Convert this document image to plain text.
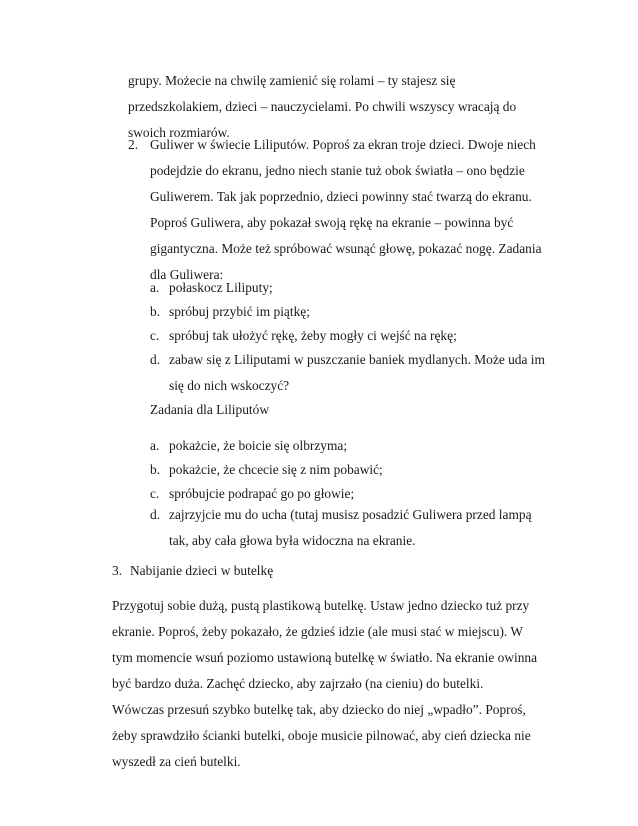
grupy. Możecie na chwilę zamienić się rolami – ty stajesz się przedszkolakiem, dzieci – nauczycielami. Po chwili wszyscy wracają do swoich rozmiarów.

2. Guliwer w świecie Liliputów. Poproś za ekran troje dzieci. Dwoje niech podejdzie do ekranu, jedno niech stanie tuż obok światła – ono będzie Guliwerem. Tak jak poprzednio, dzieci powinny stać twarzą do ekranu. Poproś Guliwera, aby pokazał swoją rękę na ekranie – powinna być gigantyczna. Może też spróbować wsunąć głowę, pokazać nogę. Zadania dla Guliwera:

a. połaskocz Liliputy;

b. spróbuj przybić im piątkę;

c. spróbuj tak ułożyć rękę, żeby mogły ci wejść na rękę;

d. zabaw się z Liliputami w puszczanie baniek mydlanych. Może uda im się do nich wskoczyć?

Zadania dla Liliputów

a. pokażcie, że boicie się olbrzyma;

b. pokażcie, że chcecie się z nim pobawić;

c. spróbujcie podrapać go po głowie;

d. zajrzyjcie mu do ucha (tutaj musisz posadzić Guliwera przed lampą tak, aby cała głowa była widoczna na ekranie.

3. Nabijanie dzieci w butelkę

Przygotuj sobie dużą, pustą plastikową butelkę. Ustaw jedno dziecko tuż przy ekranie. Poproś, żeby pokazało, że gdzieś idzie (ale musi stać w miejscu). W tym momencie wsuń poziomo ustawioną butelkę w światło. Na ekranie owinna być bardzo duża. Zachęć dziecko, aby zajrzało (na cieniu) do butelki. Wówczas przesuń szybko butelkę tak, aby dziecko do niej „wpadło”. Poproś, żeby sprawdziło ścianki butelki, oboje musicie pilnować, aby cień dziecka nie wyszedł za cień butelki.
